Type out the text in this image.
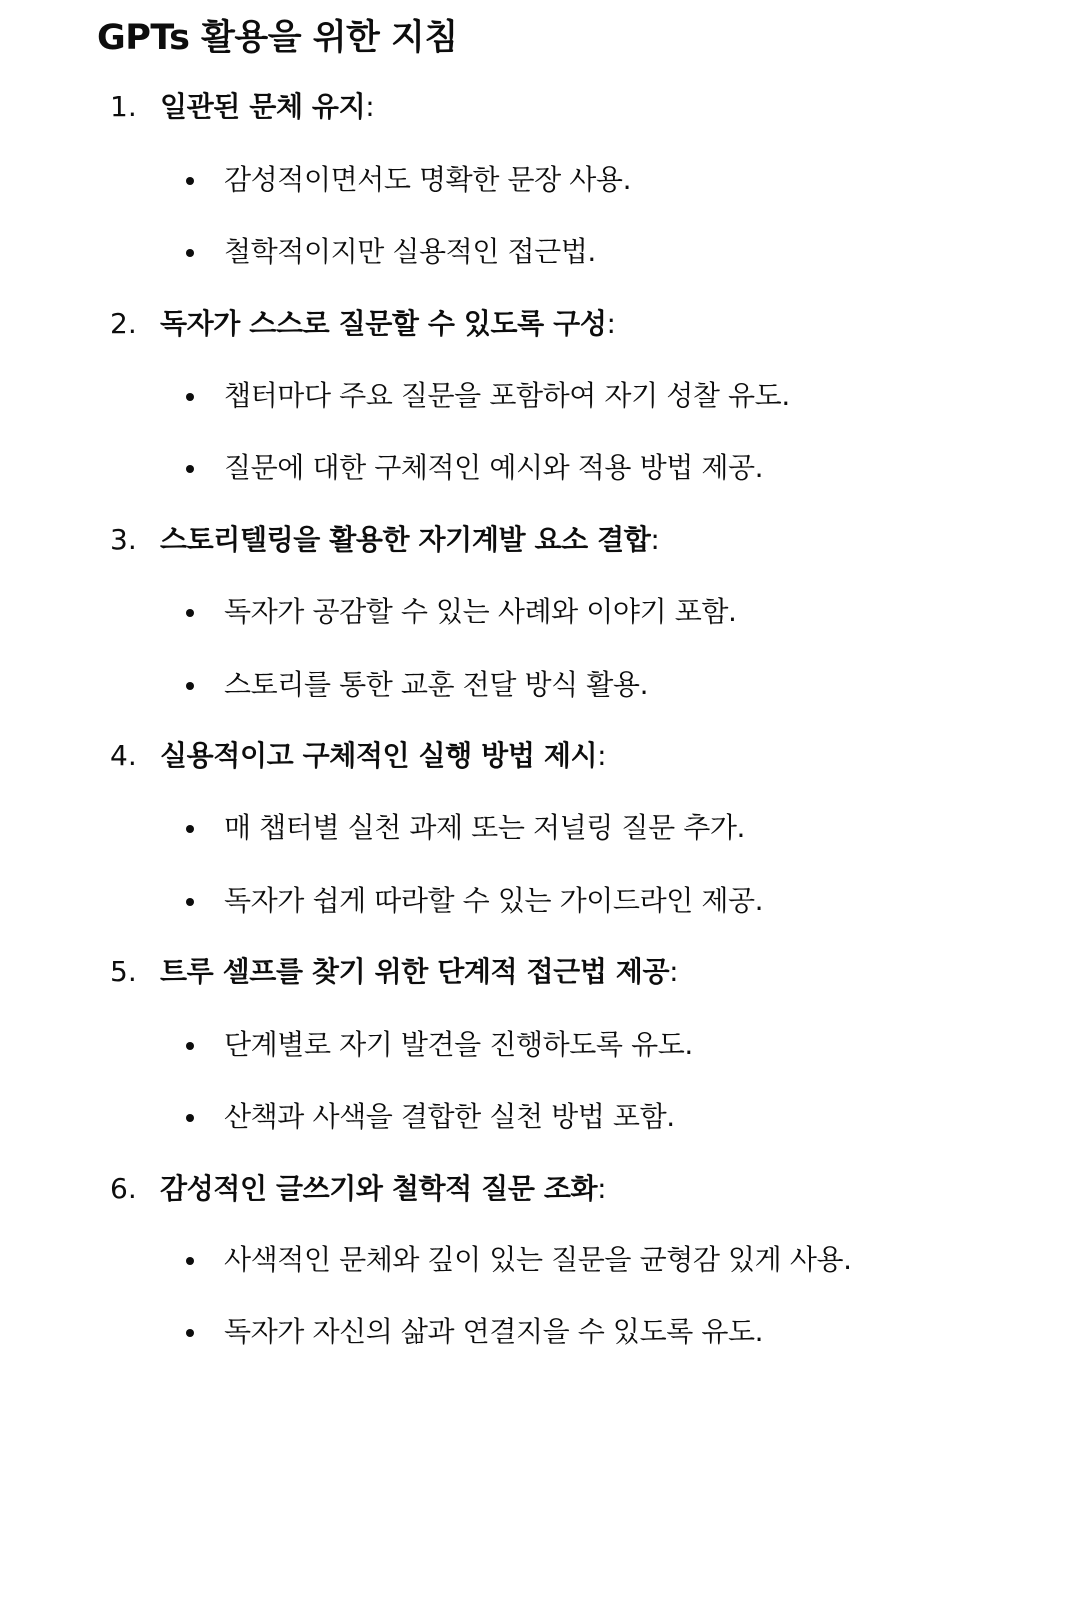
GPTs 활용을 위한 지침
1. 일관된 문체 유지:
감성적이면서도 명확한 문장 사용.
철학적이지만 실용적인 접근법.
2. 독자가 스스로 질문할 수 있도록 구성:
챕터마다 주요 질문을 포함하여 자기 성찰 유도.
질문에 대한 구체적인 예시와 적용 방법 제공.
3. 스토리텔링을 활용한 자기계발 요소 결합:
독자가 공감할 수 있는 사례와 이야기 포함.
스토리를 통한 교훈 전달 방식 활용.
4. 실용적이고 구체적인 실행 방법 제시:
매 챕터별 실천 과제 또는 저널링 질문 추가.
독자가 쉽게 따라할 수 있는 가이드라인 제공.
5. 트루 셀프를 찾기 위한 단계적 접근법 제공:
단계별로 자기 발견을 진행하도록 유도.
산책과 사색을 결합한 실천 방법 포함.
6. 감성적인 글쓰기와 철학적 질문 조화:
사색적인 문체와 깊이 있는 질문을 균형감 있게 사용.
독자가 자신의 삶과 연결지을 수 있도록 유도.
